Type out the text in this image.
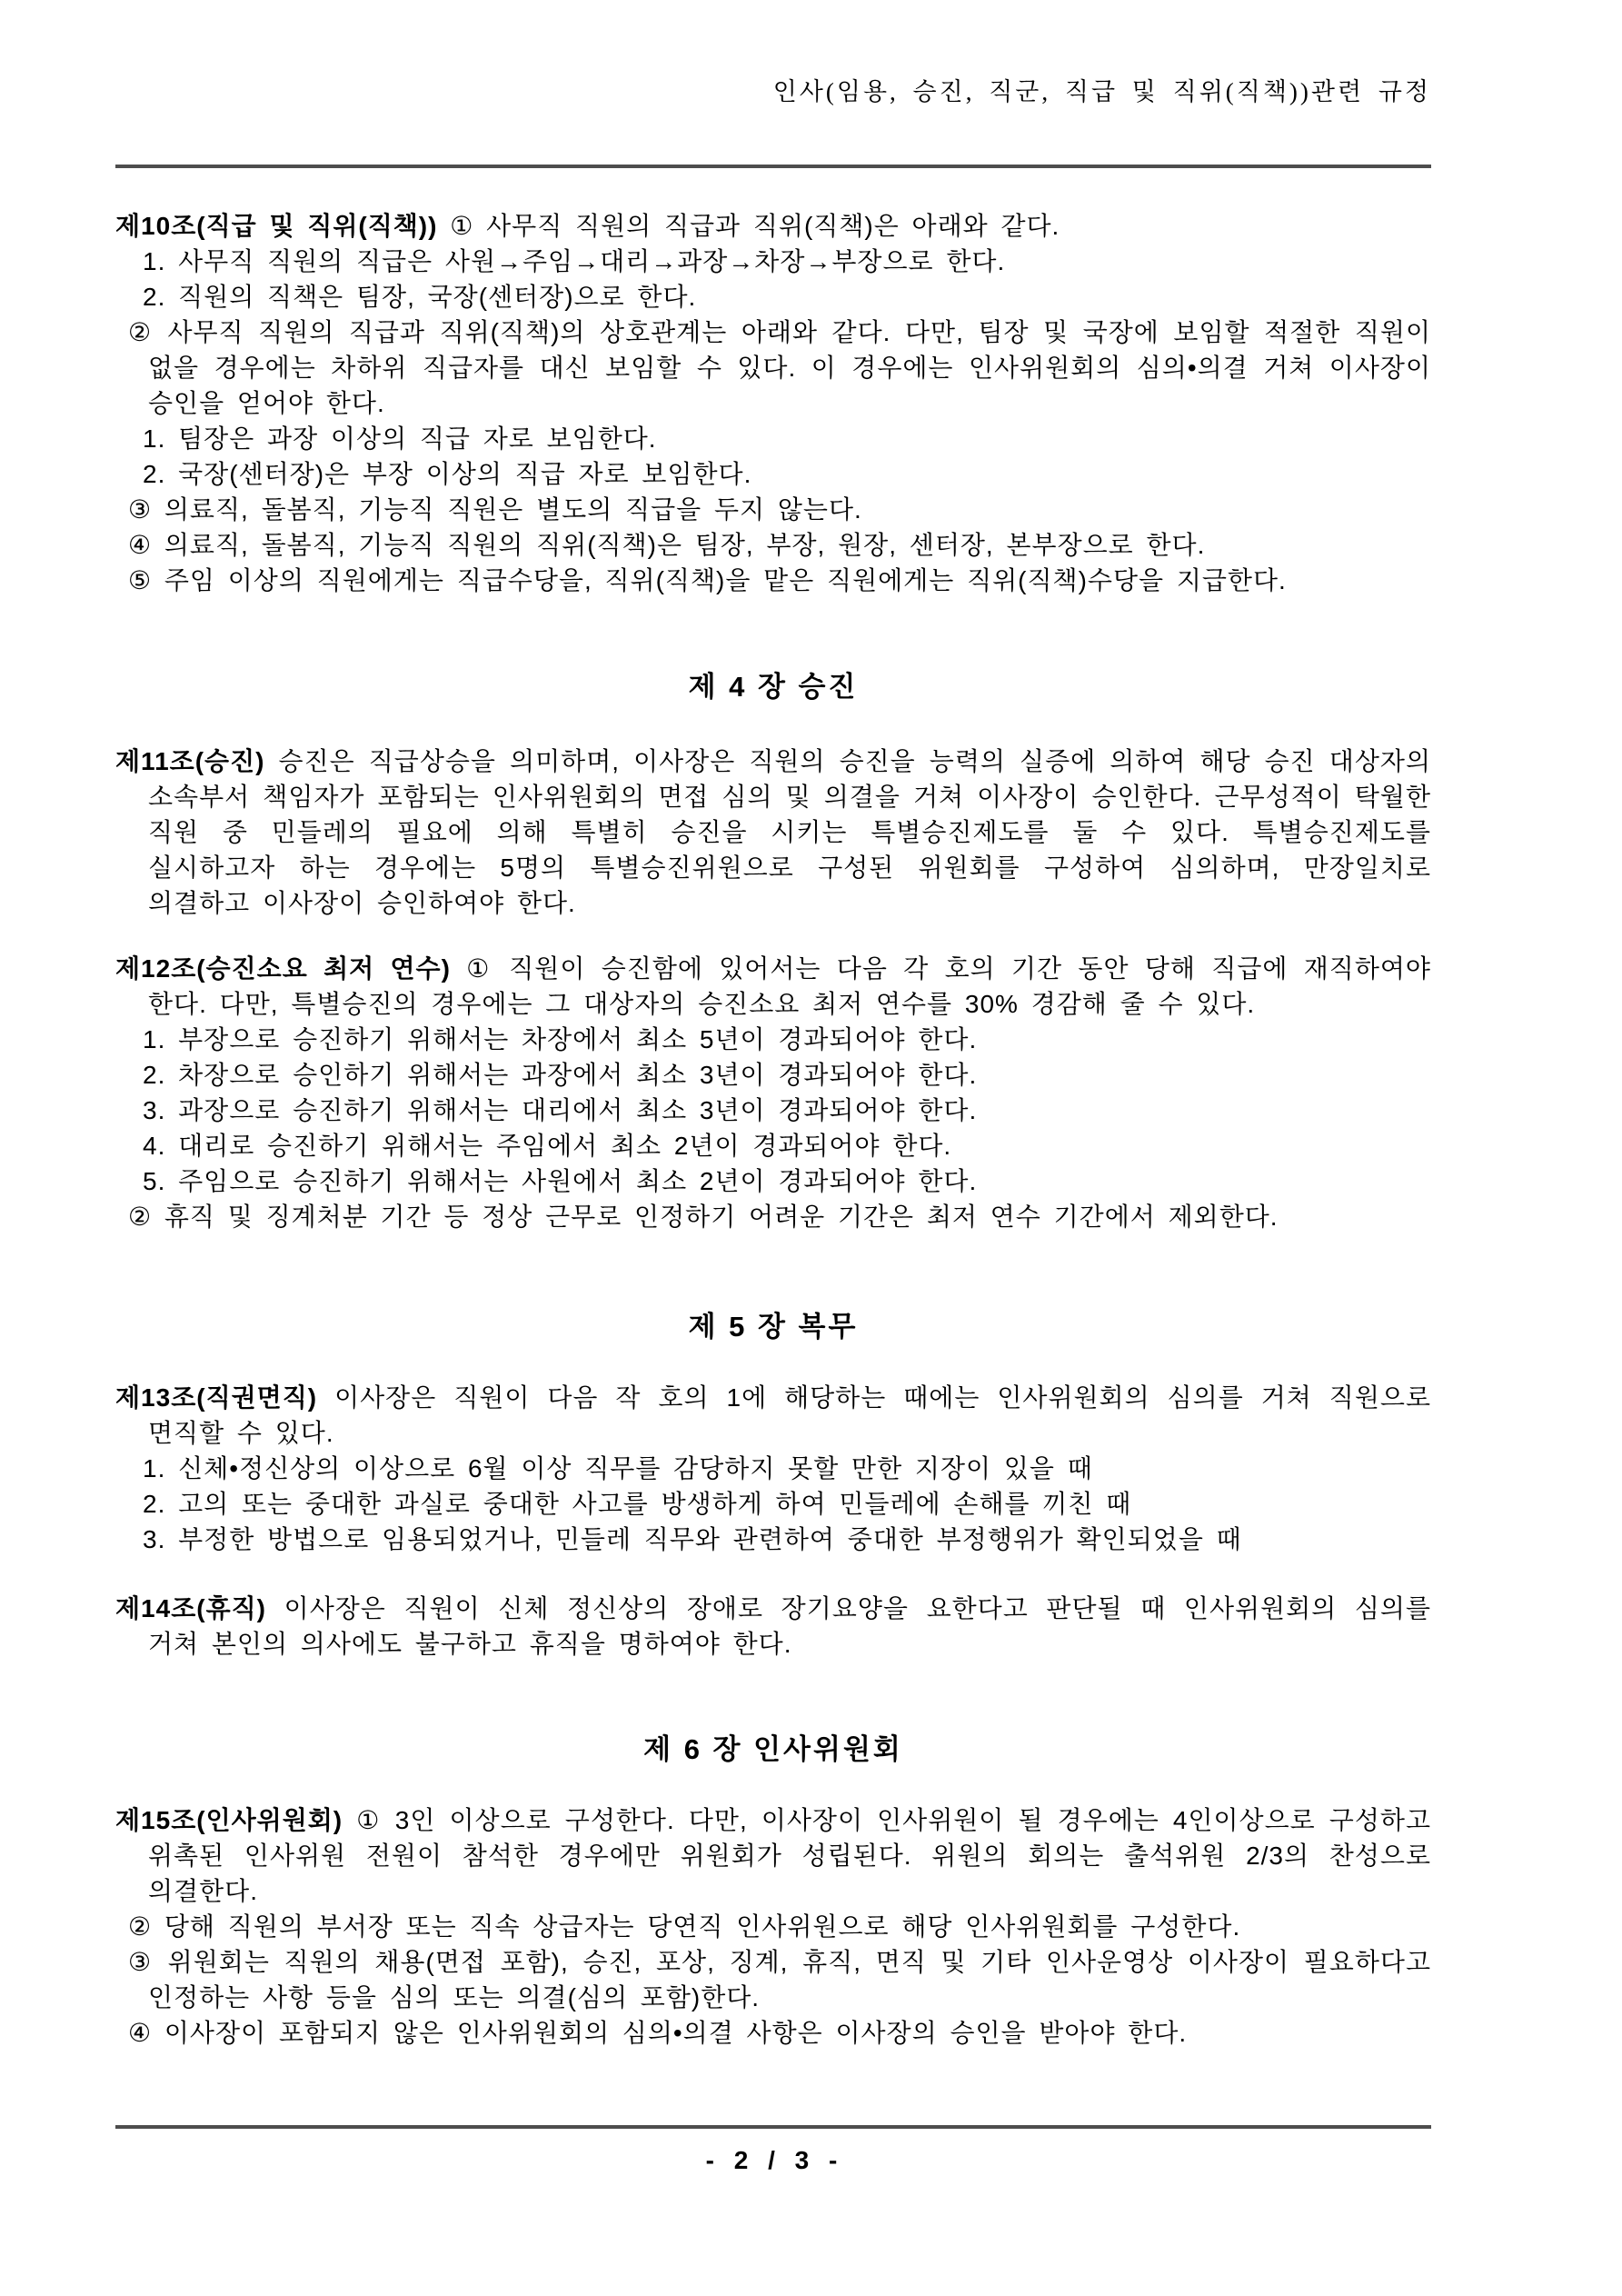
인사(임용, 승진, 직군, 직급 및 직위(직책))관련 규정

제10조(직급 및 직위(직책)) ① 사무직 직원의 직급과 직위(직책)은 아래와 같다.

1. 사무직 직원의 직급은 사원→주임→대리→과장→차장→부장으로 한다.

2. 직원의 직책은 팀장, 국장(센터장)으로 한다.

② 사무직 직원의 직급과 직위(직책)의 상호관계는 아래와 같다. 다만, 팀장 및 국장에 보임할 적절한 직원이 없을 경우에는 차하위 직급자를 대신 보임할 수 있다. 이 경우에는 인사위원회의 심의•의결 거쳐 이사장이 승인을 얻어야 한다.

1. 팀장은 과장 이상의 직급 자로 보임한다.

2. 국장(센터장)은 부장 이상의 직급 자로 보임한다.

③ 의료직, 돌봄직, 기능직 직원은 별도의 직급을 두지 않는다.

④ 의료직, 돌봄직, 기능직 직원의 직위(직책)은 팀장, 부장, 원장, 센터장, 본부장으로 한다.

⑤ 주임 이상의 직원에게는 직급수당을, 직위(직책)을 맡은 직원에게는 직위(직책)수당을 지급한다.

제 4 장 승진

제11조(승진) 승진은 직급상승을 의미하며, 이사장은 직원의 승진을 능력의 실증에 의하여 해당 승진 대상자의 소속부서 책임자가 포함되는 인사위원회의 면접 심의 및 의결을 거쳐 이사장이 승인한다. 근무성적이 탁월한 직원 중 민들레의 필요에 의해 특별히 승진을 시키는 특별승진제도를 둘 수 있다. 특별승진제도를 실시하고자 하는 경우에는 5명의 특별승진위원으로 구성된 위원회를 구성하여 심의하며, 만장일치로 의결하고 이사장이 승인하여야 한다.

제12조(승진소요 최저 연수) ① 직원이 승진함에 있어서는 다음 각 호의 기간 동안 당해 직급에 재직하여야 한다. 다만, 특별승진의 경우에는 그 대상자의 승진소요 최저 연수를 30% 경감해 줄 수 있다.

1. 부장으로 승진하기 위해서는 차장에서 최소 5년이 경과되어야 한다.

2. 차장으로 승인하기 위해서는 과장에서 최소 3년이 경과되어야 한다.

3. 과장으로 승진하기 위해서는 대리에서 최소 3년이 경과되어야 한다.

4. 대리로 승진하기 위해서는 주임에서 최소 2년이 경과되어야 한다.

5. 주임으로 승진하기 위해서는 사원에서 최소 2년이 경과되어야 한다.

② 휴직 및 징계처분 기간 등 정상 근무로 인정하기 어려운 기간은 최저 연수 기간에서 제외한다.

제 5 장 복무

제13조(직권면직) 이사장은 직원이 다음 작 호의 1에 해당하는 때에는 인사위원회의 심의를 거쳐 직원으로 면직할 수 있다.

1. 신체•정신상의 이상으로 6월 이상 직무를 감당하지 못할 만한 지장이 있을 때

2. 고의 또는 중대한 과실로 중대한 사고를 방생하게 하여 민들레에 손해를 끼친 때

3. 부정한 방법으로 임용되었거나, 민들레 직무와 관련하여 중대한 부정행위가 확인되었을 때

제14조(휴직) 이사장은 직원이 신체 정신상의 장애로 장기요양을 요한다고 판단될 때 인사위원회의 심의를 거쳐 본인의 의사에도 불구하고 휴직을 명하여야 한다.

제 6 장 인사위원회

제15조(인사위원회) ① 3인 이상으로 구성한다. 다만, 이사장이 인사위원이 될 경우에는 4인이상으로 구성하고 위촉된 인사위원 전원이 참석한 경우에만 위원회가 성립된다. 위원의 회의는 출석위원 2/3의 찬성으로 의결한다.

② 당해 직원의 부서장 또는 직속 상급자는 당연직 인사위원으로 해당 인사위원회를 구성한다.

③ 위원회는 직원의 채용(면접 포함), 승진, 포상, 징계, 휴직, 면직 및 기타 인사운영상 이사장이 필요하다고 인정하는 사항 등을 심의 또는 의결(심의 포함)한다.

④ 이사장이 포함되지 않은 인사위원회의 심의•의결 사항은 이사장의 승인을 받아야 한다.

- 2 / 3 -
